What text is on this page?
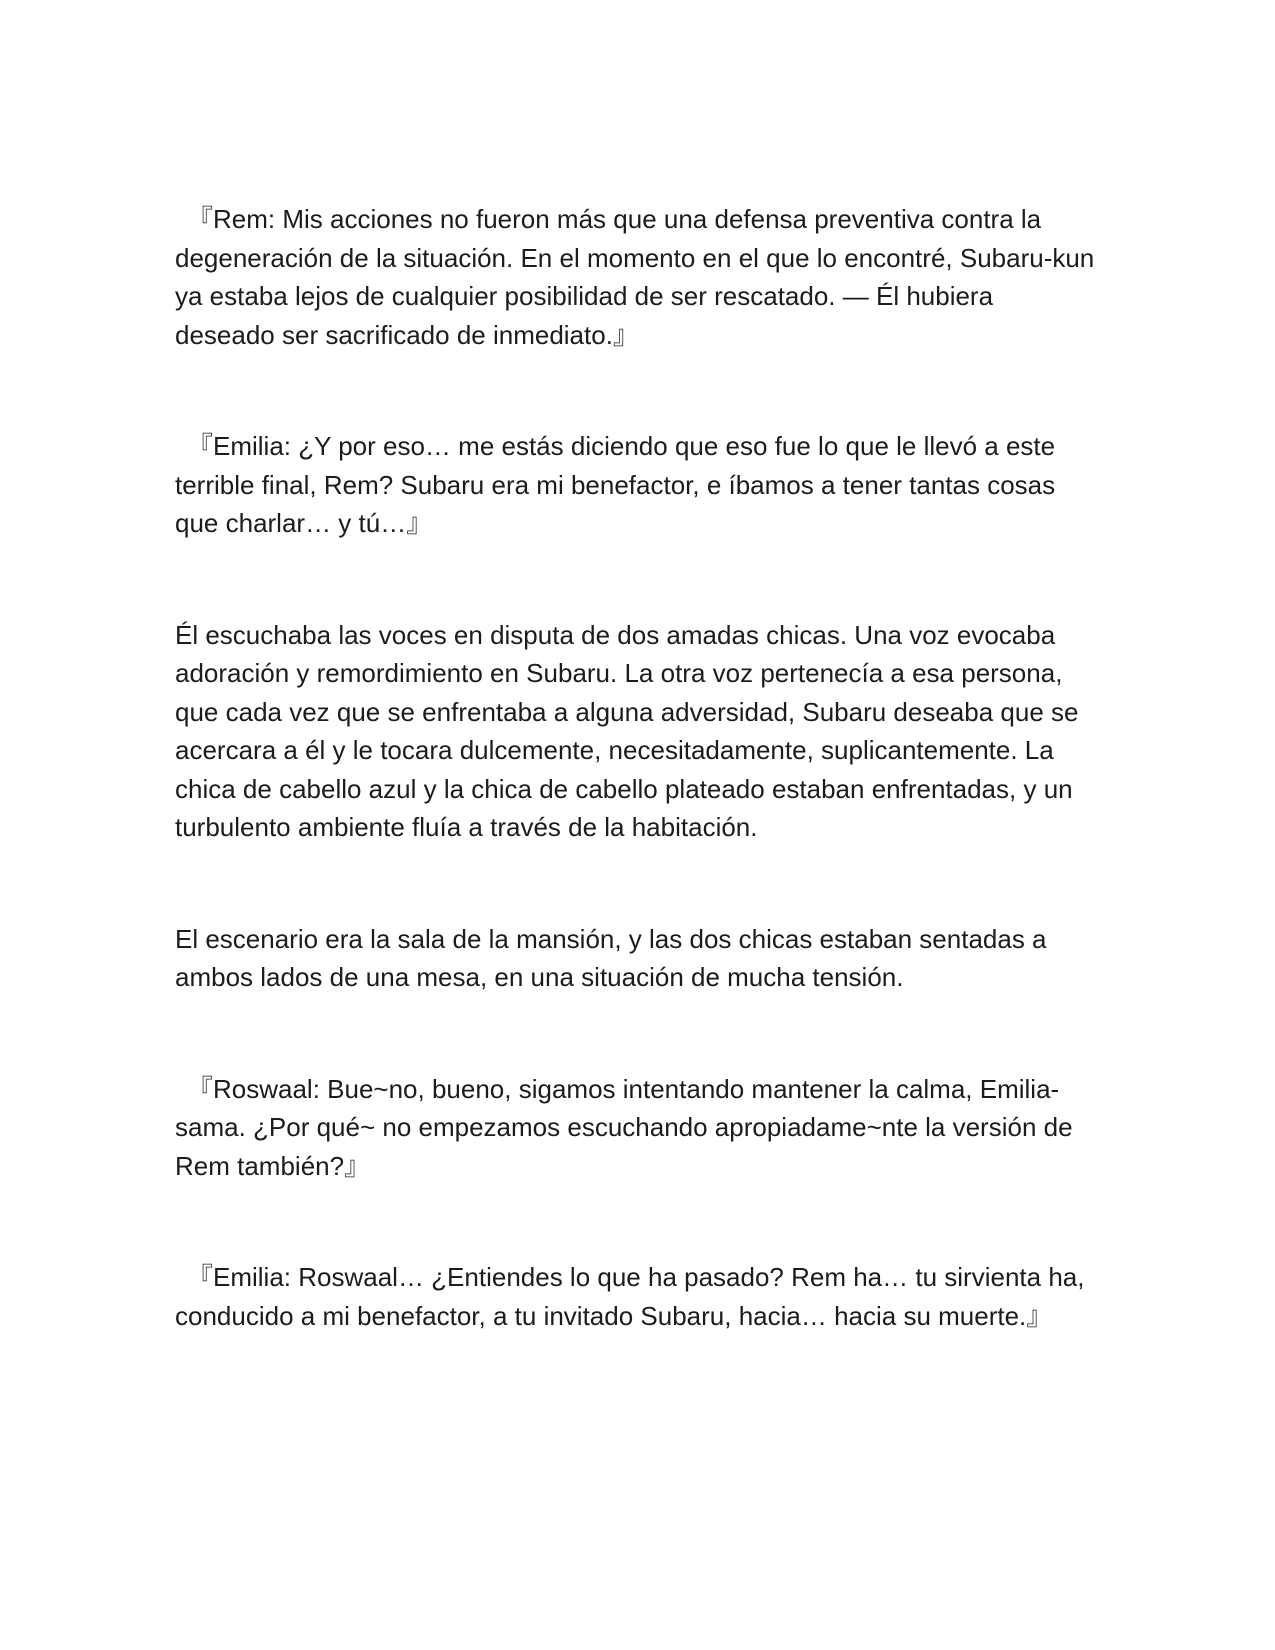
『Rem: Mis acciones no fueron más que una defensa preventiva contra la degeneración de la situación. En el momento en el que lo encontré, Subaru-kun ya estaba lejos de cualquier posibilidad de ser rescatado. — Él hubiera deseado ser sacrificado de inmediato.』

『Emilia: ¿Y por eso… me estás diciendo que eso fue lo que le llevó a este terrible final, Rem? Subaru era mi benefactor, e íbamos a tener tantas cosas que charlar… y tú…』

Él escuchaba las voces en disputa de dos amadas chicas. Una voz evocaba adoración y remordimiento en Subaru. La otra voz pertenecía a esa persona, que cada vez que se enfrentaba a alguna adversidad, Subaru deseaba que se acercara a él y le tocara dulcemente, necesitadamente, suplicantemente. La chica de cabello azul y la chica de cabello plateado estaban enfrentadas, y un turbulento ambiente fluía a través de la habitación.

El escenario era la sala de la mansión, y las dos chicas estaban sentadas a ambos lados de una mesa, en una situación de mucha tensión.

『Roswaal: Bue~no, bueno, sigamos intentando mantener la calma, Emilia-sama. ¿Por qué~ no empezamos escuchando apropiadame~nte la versión de Rem también?』

『Emilia: Roswaal… ¿Entiendes lo que ha pasado? Rem ha… tu sirvienta ha, conducido a mi benefactor, a tu invitado Subaru, hacia… hacia su muerte.』
